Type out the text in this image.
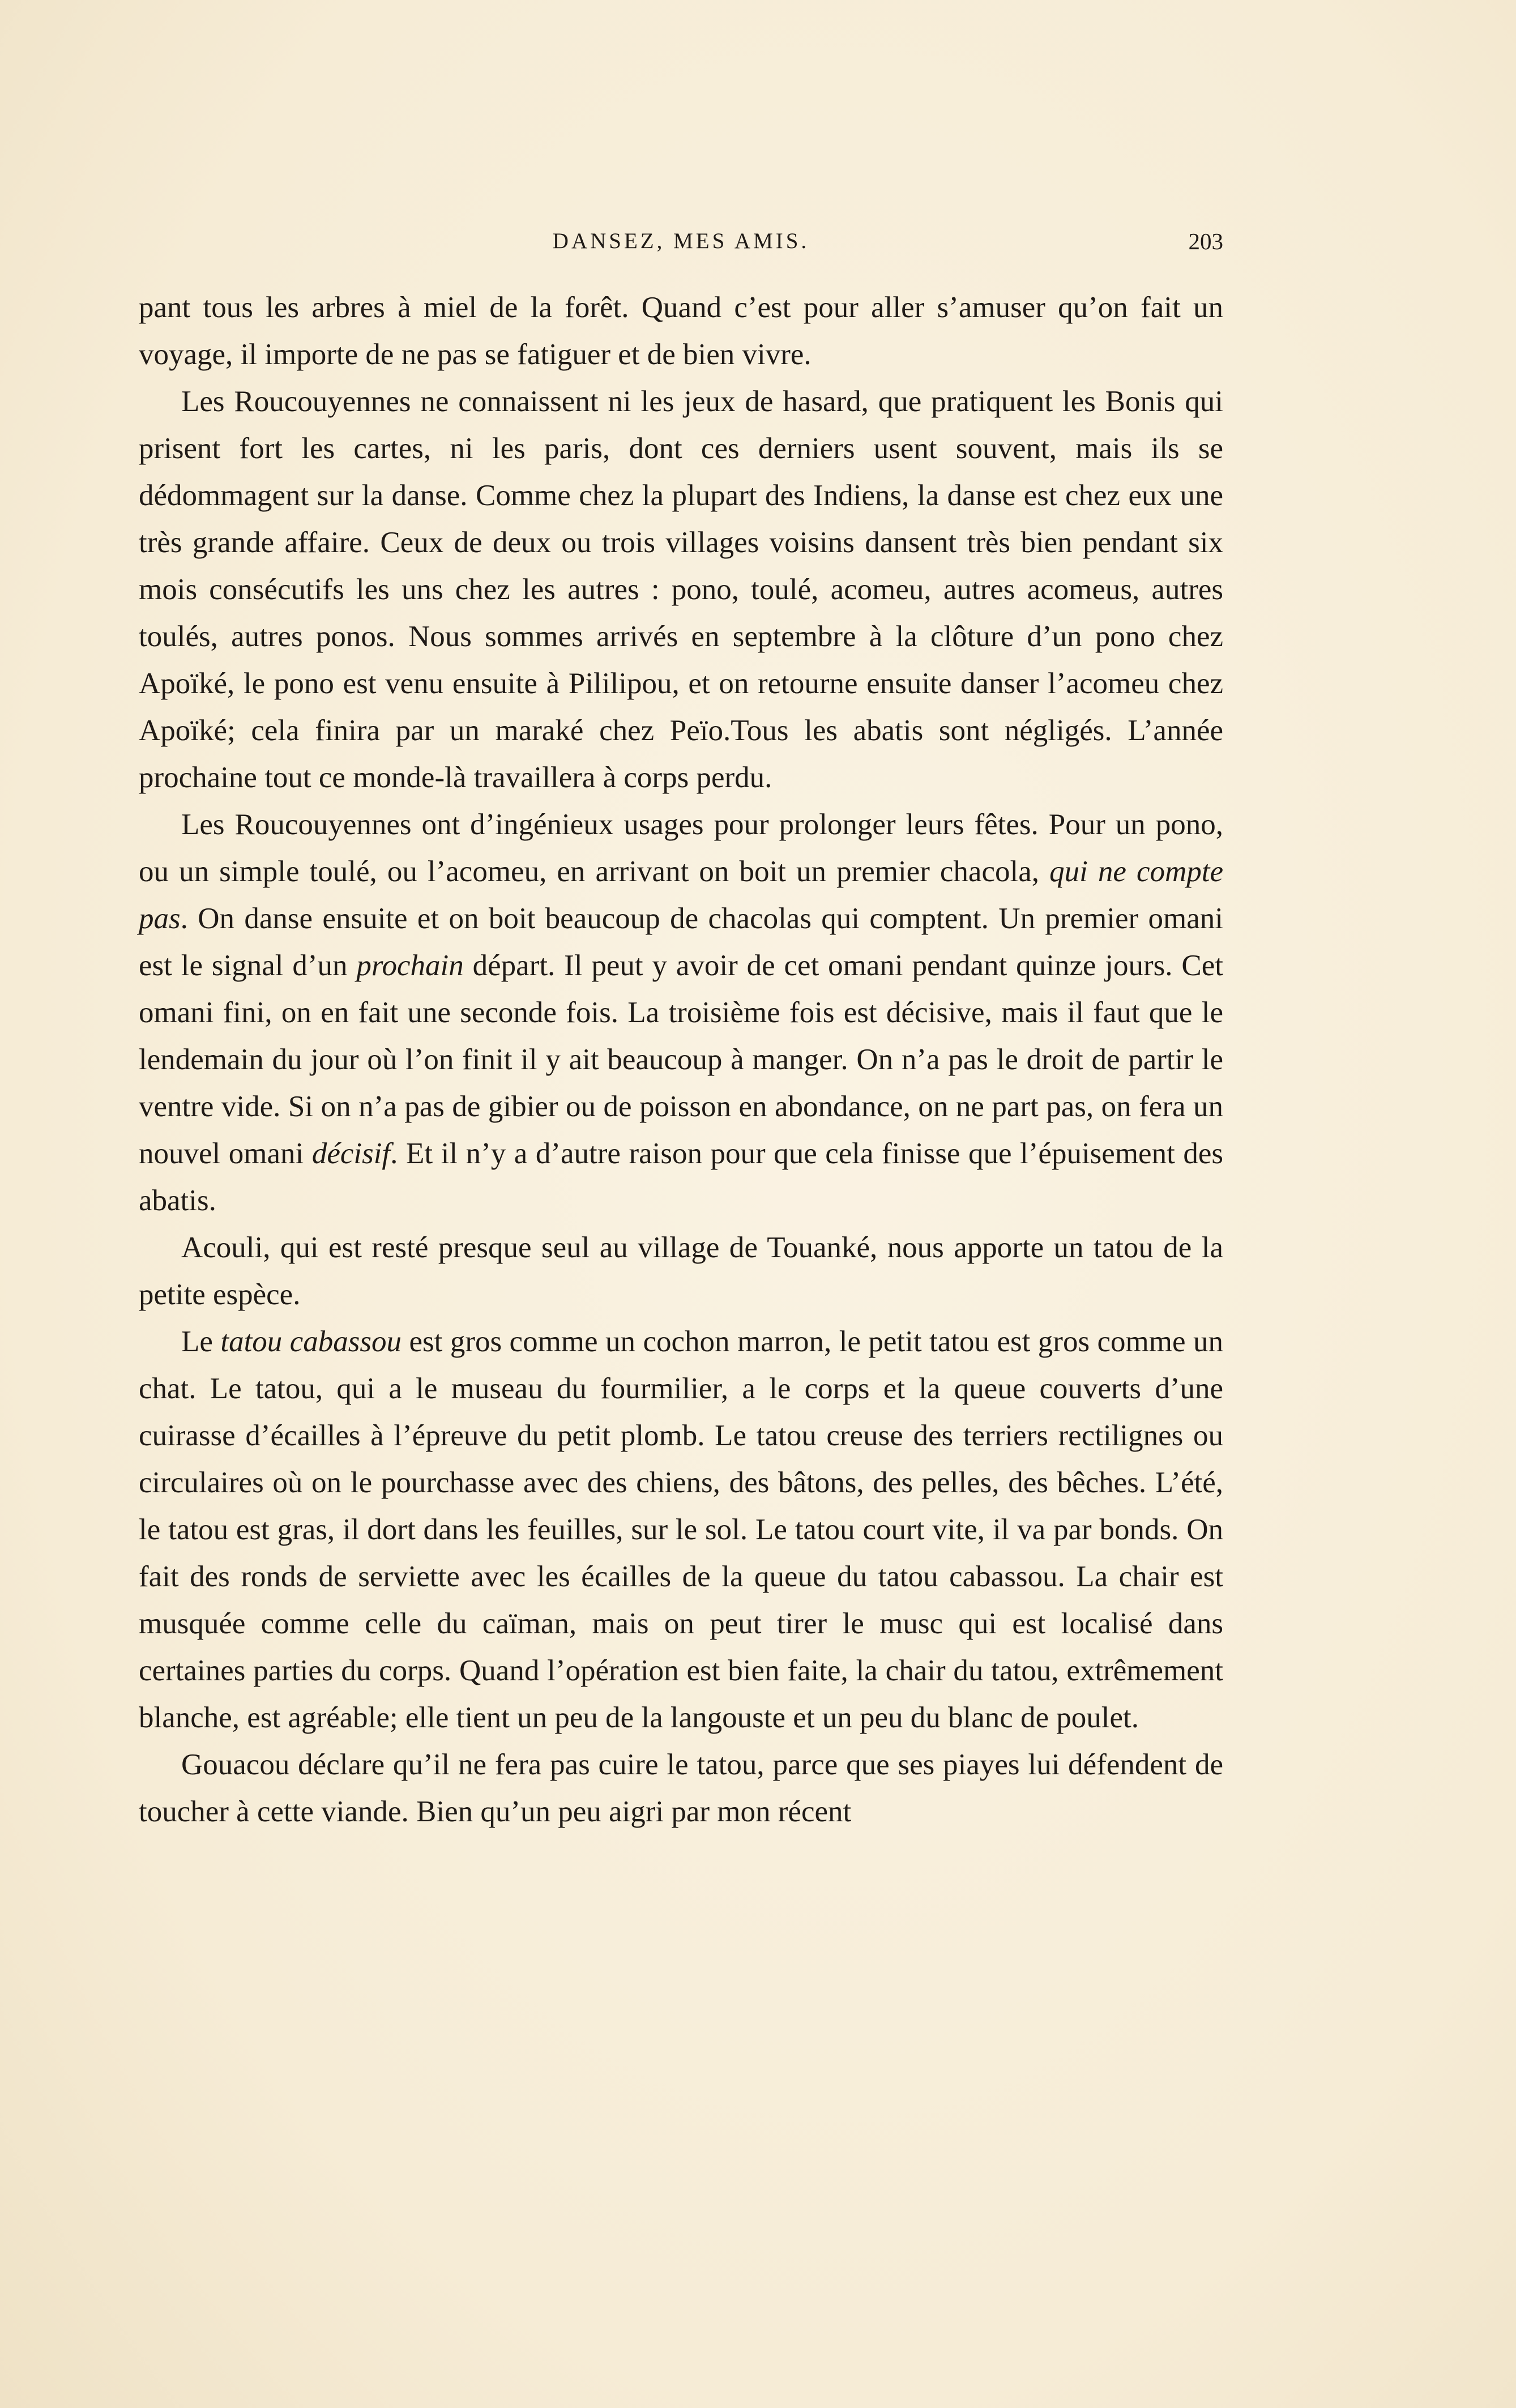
DANSEZ, MES AMIS.	203

pant tous les arbres à miel de la forêt. Quand c’est pour aller s’amuser qu’on fait un voyage, il importe de ne pas se fatiguer et de bien vivre.

Les Roucouyennes ne connaissent ni les jeux de hasard, que pratiquent les Bonis qui prisent fort les cartes, ni les paris, dont ces derniers usent souvent, mais ils se dédommagent sur la danse. Comme chez la plupart des Indiens, la danse est chez eux une très grande affaire. Ceux de deux ou trois villages voisins dansent très bien pendant six mois consécutifs les uns chez les autres : pono, toulé, acomeu, autres acomeus, autres toulés, autres ponos. Nous sommes arrivés en septembre à la clôture d’un pono chez Apoïké, le pono est venu ensuite à Pililipou, et on retourne ensuite danser l’acomeu chez Apoïké; cela finira par un maraké chez Peïo.Tous les abatis sont négligés. L’année prochaine tout ce monde-là travaillera à corps perdu.

Les Roucouyennes ont d’ingénieux usages pour prolonger leurs fêtes. Pour un pono, ou un simple toulé, ou l’acomeu, en arrivant on boit un premier chacola, qui ne compte pas. On danse ensuite et on boit beaucoup de chacolas qui comptent. Un premier omani est le signal d’un prochain départ. Il peut y avoir de cet omani pendant quinze jours. Cet omani fini, on en fait une seconde fois. La troisième fois est décisive, mais il faut que le lendemain du jour où l’on finit il y ait beaucoup à manger. On n’a pas le droit de partir le ventre vide. Si on n’a pas de gibier ou de poisson en abondance, on ne part pas, on fera un nouvel omani décisif. Et il n’y a d’autre raison pour que cela finisse que l’épuisement des abatis.

Acouli, qui est resté presque seul au village de Touanké, nous apporte un tatou de la petite espèce.

Le tatou cabassou est gros comme un cochon marron, le petit tatou est gros comme un chat. Le tatou, qui a le museau du fourmilier, a le corps et la queue couverts d’une cuirasse d’écailles à l’épreuve du petit plomb. Le tatou creuse des terriers rectilignes ou circulaires où on le pourchasse avec des chiens, des bâtons, des pelles, des bêches. L’été, le tatou est gras, il dort dans les feuilles, sur le sol. Le tatou court vite, il va par bonds. On fait des ronds de serviette avec les écailles de la queue du tatou cabassou. La chair est musquée comme celle du caïman, mais on peut tirer le musc qui est localisé dans certaines parties du corps. Quand l’opération est bien faite, la chair du tatou, extrêmement blanche, est agréable; elle tient un peu de la langouste et un peu du blanc de poulet.

Gouacou déclare qu’il ne fera pas cuire le tatou, parce que ses piayes lui défendent de toucher à cette viande. Bien qu’un peu aigri par mon récent
